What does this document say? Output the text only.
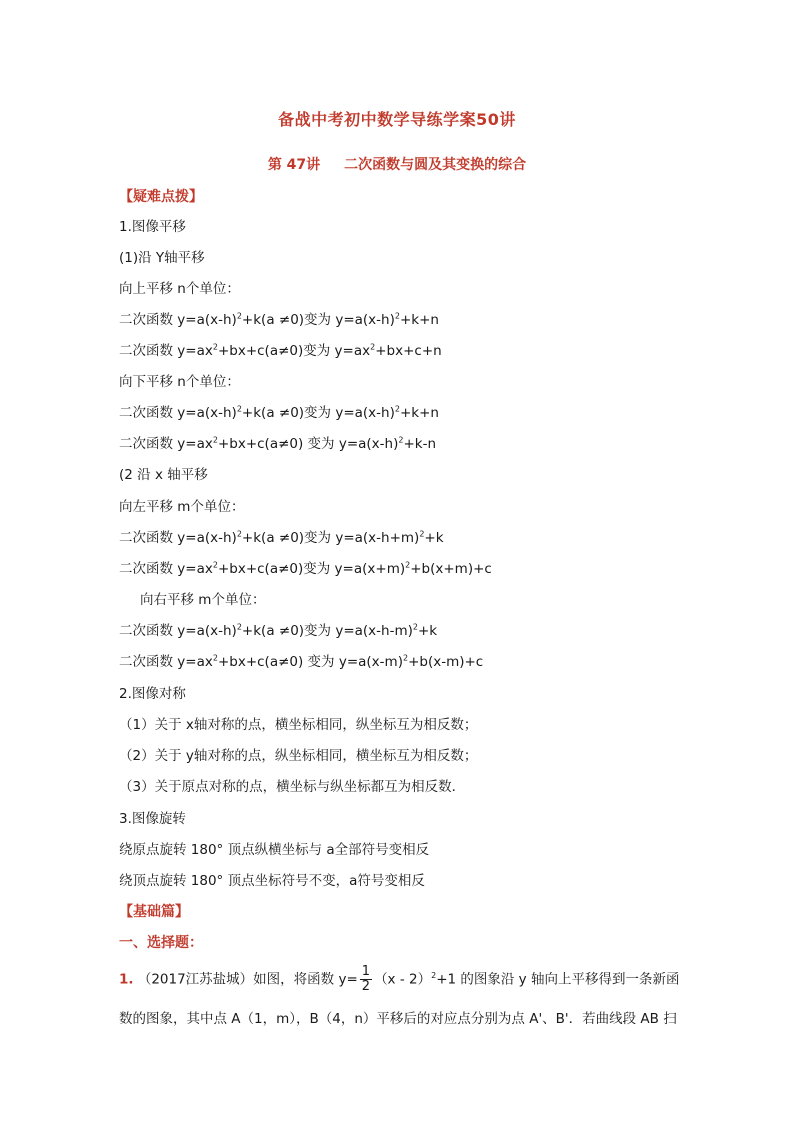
备战中考初中数学导练学案50讲
第 47讲 二次函数与圆及其变换的综合
【疑难点拨】
1.图像平移
(1)沿 Y轴平移
向上平移 n个单位：
二次函数 $y=a(x-h)^2+k(a \ne 0)$变为 $y=a(x-h)^2+k+n$
二次函数 $y=ax^2+bx+c(a\ne 0)$变为 $y=ax^2+bx+c+n$
向下平移 n个单位：
二次函数 $y=a(x-h)^2+k(a \ne 0)$变为 $y=a(x-h)^2+k+n$
二次函数 $y=ax^2+bx+c(a\ne 0)$ 变为 $y=a(x-h)^2+k-n$
(2 沿 x 轴平移
向左平移 m个单位：
二次函数 $y=a(x-h)^2+k(a \ne 0)$变为 $y=a(x-h+m)^2+k$
二次函数 $y=ax^2+bx+c(a\ne 0)$变为 $y=a(x+m)^2+b(x+m)+c$
向右平移 m个单位：
二次函数 $y=a(x-h)^2+k(a \ne 0)$变为 $y=a(x-h-m)^2+k$
二次函数 $y=ax^2+bx+c(a\ne 0)$ 变为 $y=a(x-m)^2+b(x-m)+c$
2.图像对称
（1）关于 x轴对称的点，横坐标相同，纵坐标互为相反数；
（2）关于 y轴对称的点，纵坐标相同，横坐标互为相反数；
（3）关于原点对称的点，横坐标与纵坐标都互为相反数．
3.图像旋转
绕原点旋转 180° 顶点纵横坐标与 a全部符号变相反
绕顶点旋转 180° 顶点坐标符号不变，a符号变相反
【基础篇】
一、选择题：
1. （2017江苏盐城）如图，将函数 $y= \frac{1}{2} (x - 2)^2+1$ 的图象沿 y 轴向上平移得到一条新函
数的图象，其中点 A（1，m），B（4，n）平移后的对应点分别为点 A'、B'．若曲线段 AB 扫
